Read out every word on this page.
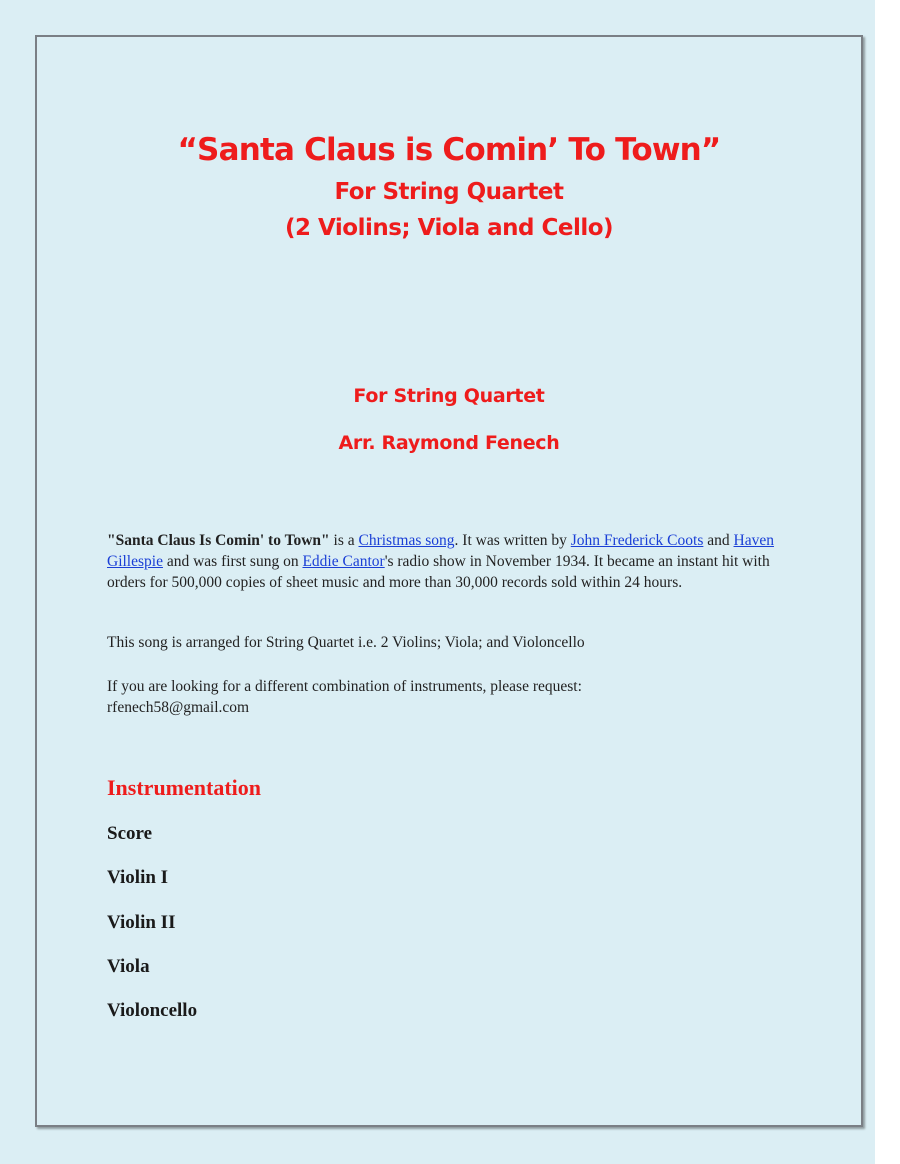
“Santa Claus is Comin’ To Town”
For String Quartet
(2 Violins; Viola and Cello)
For String Quartet
Arr. Raymond Fenech
"Santa Claus Is Comin' to Town" is a Christmas song. It was written by John Frederick Coots and Haven Gillespie and was first sung on Eddie Cantor's radio show in November 1934. It became an instant hit with orders for 500,000 copies of sheet music and more than 30,000 records sold within 24 hours.
This song is arranged for String Quartet i.e. 2 Violins; Viola; and Violoncello
If you are looking for a different combination of instruments, please request:
rfenech58@gmail.com
Instrumentation
Score
Violin I
Violin II
Viola
Violoncello
